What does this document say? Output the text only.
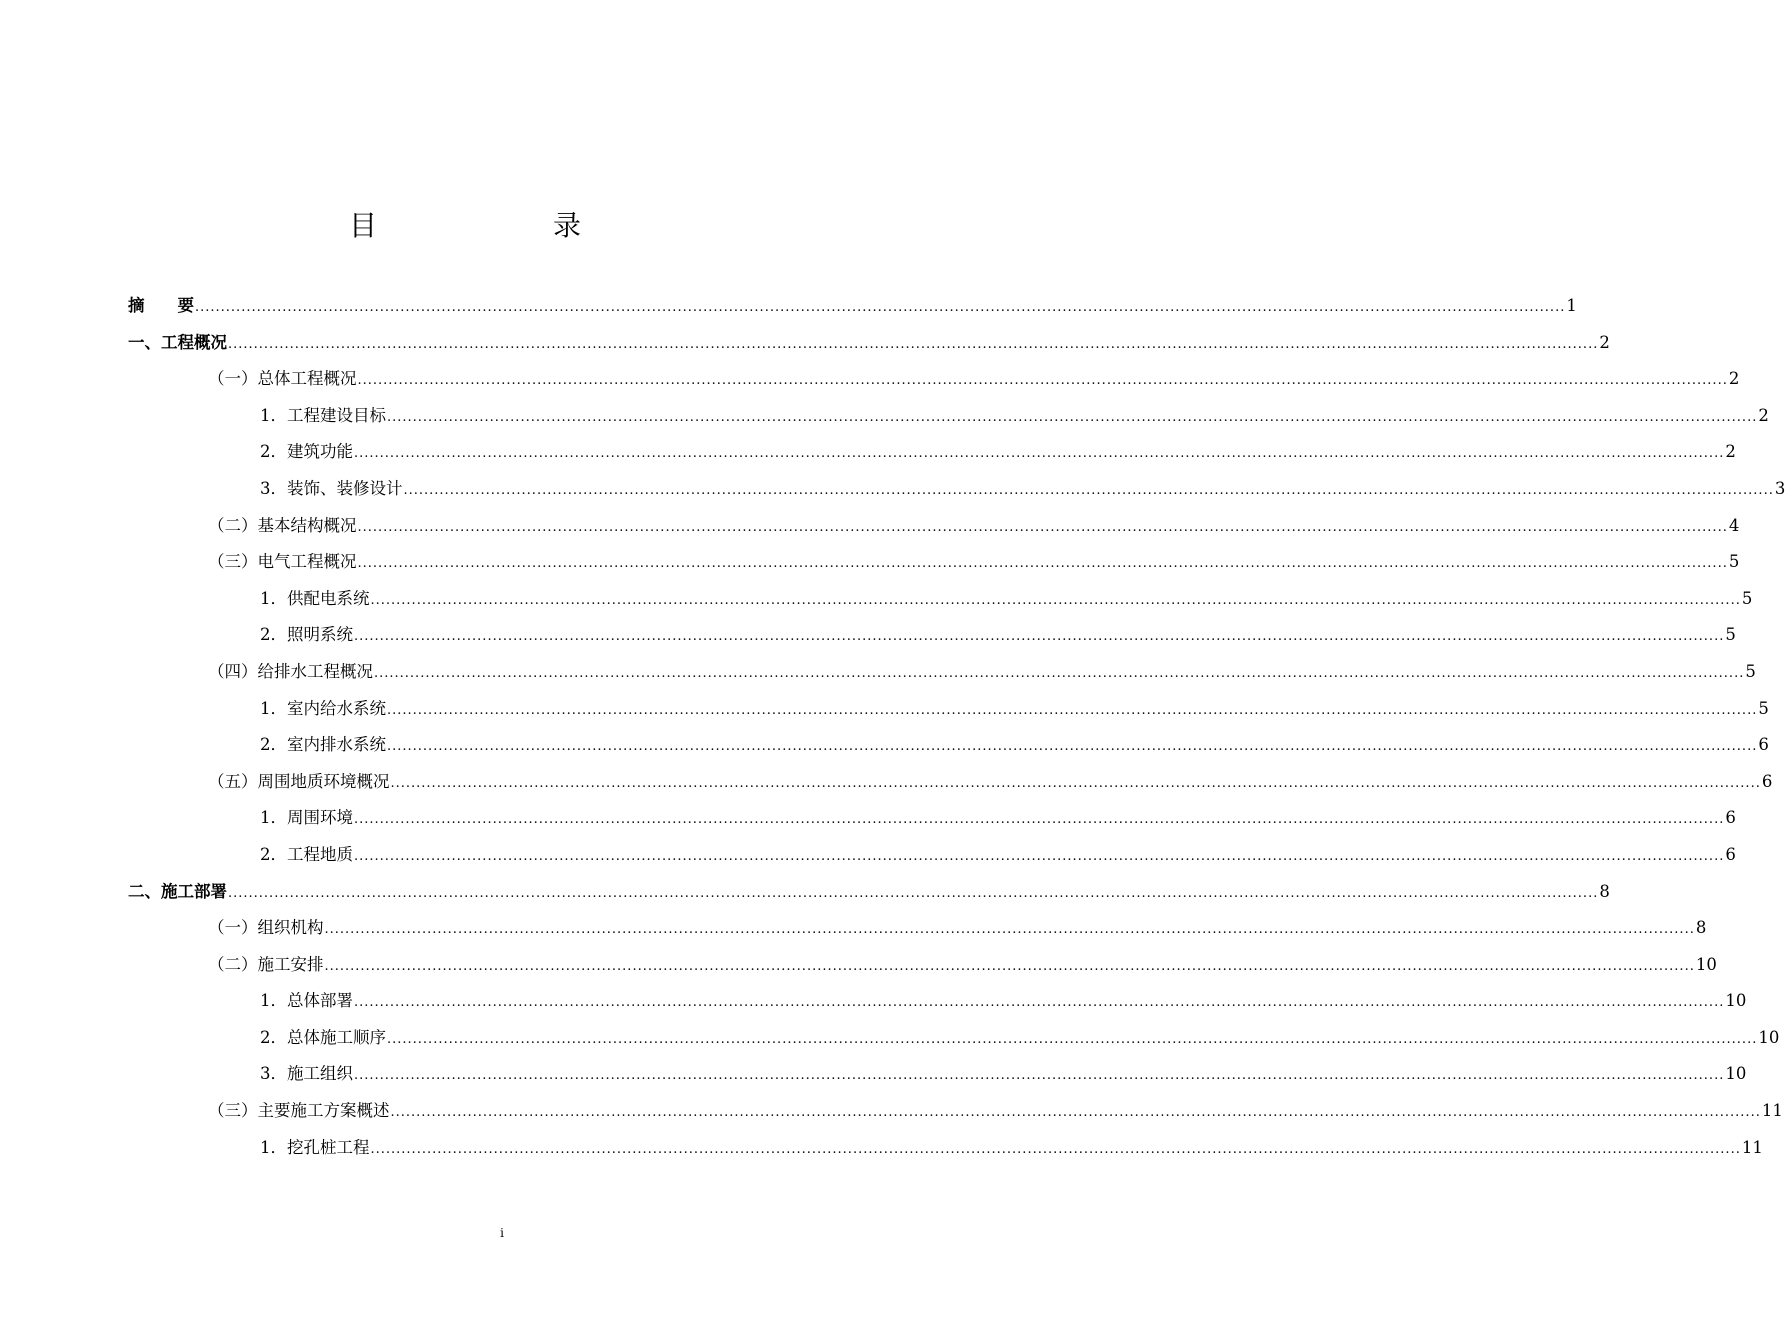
目　　录
摘　　要 ........................................................................................................................................................................................................................................................................... 1
一、工程概况 ........................................................................................................................................................................................................................................................................... 2
（一）总体工程概况 ........................................................................................................................................................................................................................................................................... 2
1．工程建设目标 ........................................................................................................................................................................................................................................................................... 2
2．建筑功能 ........................................................................................................................................................................................................................................................................... 2
3．装饰、装修设计 ........................................................................................................................................................................................................................................................................... 3
（二）基本结构概况 ........................................................................................................................................................................................................................................................................... 4
（三）电气工程概况 ........................................................................................................................................................................................................................................................................... 5
1．供配电系统 ........................................................................................................................................................................................................................................................................... 5
2．照明系统 ........................................................................................................................................................................................................................................................................... 5
（四）给排水工程概况 ........................................................................................................................................................................................................................................................................... 5
1．室内给水系统 ........................................................................................................................................................................................................................................................................... 5
2．室内排水系统 ........................................................................................................................................................................................................................................................................... 6
（五）周围地质环境概况 ........................................................................................................................................................................................................................................................................... 6
1．周围环境 ........................................................................................................................................................................................................................................................................... 6
2．工程地质 ........................................................................................................................................................................................................................................................................... 6
二、施工部署 ........................................................................................................................................................................................................................................................................... 8
（一）组织机构 ........................................................................................................................................................................................................................................................................... 8
（二）施工安排 ........................................................................................................................................................................................................................................................................... 10
1．总体部署 ........................................................................................................................................................................................................................................................................... 10
2．总体施工顺序 ........................................................................................................................................................................................................................................................................... 10
3．施工组织 ........................................................................................................................................................................................................................................................................... 10
（三）主要施工方案概述 ........................................................................................................................................................................................................................................................................... 11
1．挖孔桩工程 ........................................................................................................................................................................................................................................................................... 11
i
